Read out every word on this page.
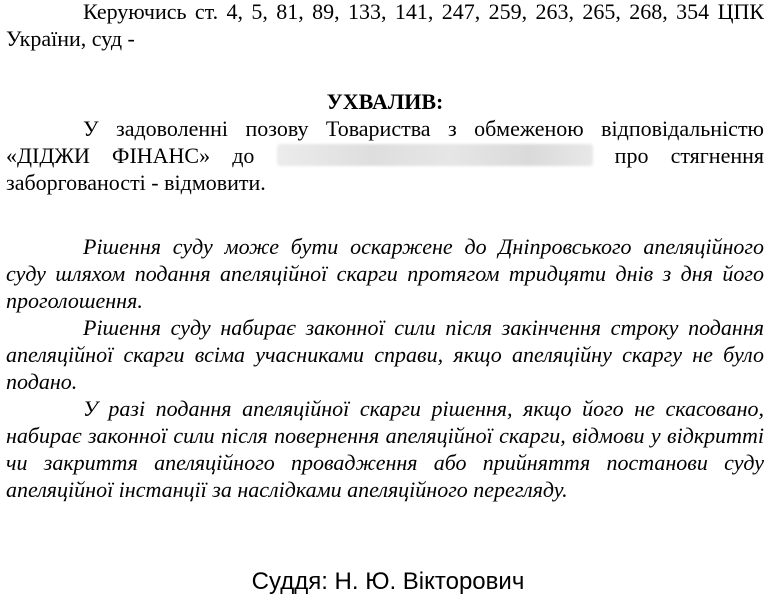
Керуючись ст. 4, 5, 81, 89, 133, 141, 247, 259, 263, 265, 268, 354 ЦПК України, суд -

УХВАЛИВ:

У задоволенні позову Товариства з обмеженою відповідальністю «ДІДЖИ ФІНАНС» до	про стягнення заборгованості - відмовити.

Рішення суду може бути оскаржене до Дніпровського апеляційного суду шляхом подання апеляційної скарги протягом тридцяти днів з дня його проголошення.

Рішення суду набирає законної сили після закінчення строку подання апеляційної скарги всіма учасниками справи, якщо апеляційну скаргу не було подано.

У разі подання апеляційної скарги рішення, якщо його не скасовано, набирає законної сили після повернення апеляційної скарги, відмови у відкритті чи закриття апеляційного провадження або прийняття постанови суду апеляційної інстанції за наслідками апеляційного перегляду.

Суддя: Н. Ю. Вікторович
